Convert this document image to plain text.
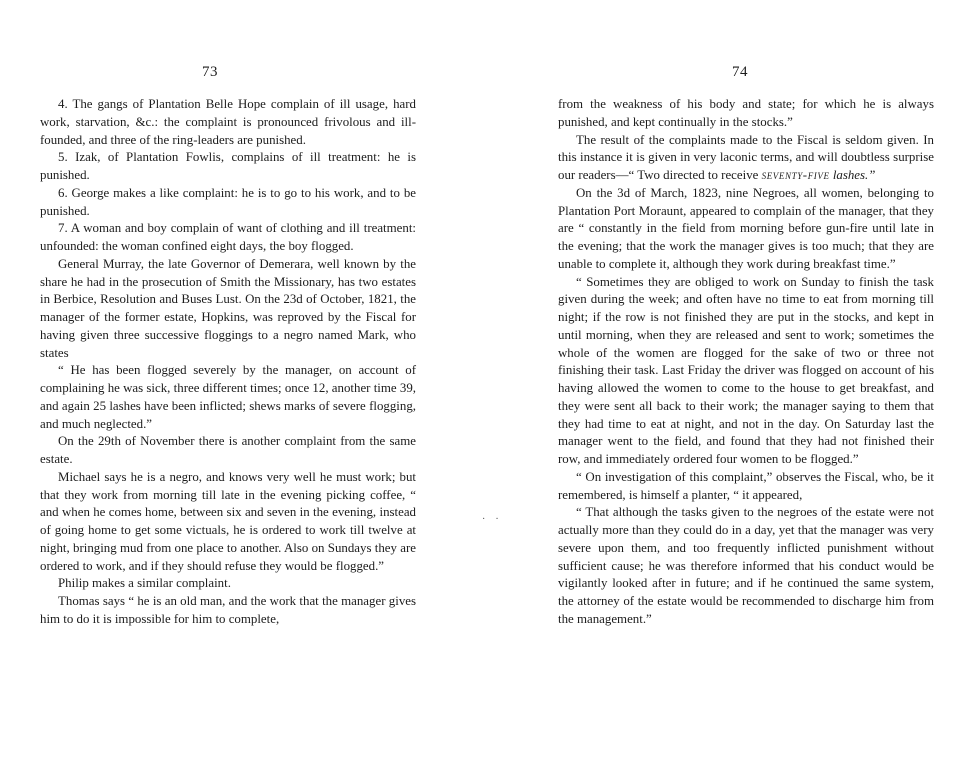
73

4. The gangs of Plantation Belle Hope complain of ill usage, hard work, starvation, &c.: the complaint is pronounced frivolous and ill-founded, and three of the ring-leaders are punished.

5. Izak, of Plantation Fowlis, complains of ill treatment: he is punished.

6. George makes a like complaint: he is to go to his work, and to be punished.

7. A woman and boy complain of want of clothing and ill treatment: unfounded: the woman confined eight days, the boy flogged.

General Murray, the late Governor of Demerara, well known by the share he had in the prosecution of Smith the Missionary, has two estates in Berbice, Resolution and Buses Lust. On the 23d of October, 1821, the manager of the former estate, Hopkins, was reproved by the Fiscal for having given three successive floggings to a negro named Mark, who states

“ He has been flogged severely by the manager, on account of complaining he was sick, three different times; once 12, another time 39, and again 25 lashes have been inflicted; shews marks of severe flogging, and much neglected.”

On the 29th of November there is another complaint from the same estate.

Michael says he is a negro, and knows very well he must work; but that they work from morning till late in the evening picking coffee, “ and when he comes home, between six and seven in the evening, instead of going home to get some victuals, he is ordered to work till twelve at night, bringing mud from one place to another. Also on Sundays they are ordered to work, and if they should refuse they would be flogged.”

Philip makes a similar complaint.

Thomas says “ he is an old man, and the work that the manager gives him to do it is impossible for him to complete,

··
74

from the weakness of his body and state; for which he is always punished, and kept continually in the stocks.”

The result of the complaints made to the Fiscal is seldom given. In this instance it is given in very laconic terms, and will doubtless surprise our readers—“ Two directed to receive seventy-five lashes.”

On the 3d of March, 1823, nine Negroes, all women, belonging to Plantation Port Moraunt, appeared to complain of the manager, that they are “ constantly in the field from morning before gun-fire until late in the evening; that the work the manager gives is too much; that they are unable to complete it, although they work during breakfast time.”

“ Sometimes they are obliged to work on Sunday to finish the task given during the week; and often have no time to eat from morning till night; if the row is not finished they are put in the stocks, and kept in until morning, when they are released and sent to work; sometimes the whole of the women are flogged for the sake of two or three not finishing their task. Last Friday the driver was flogged on account of his having allowed the women to come to the house to get breakfast, and they were sent all back to their work; the manager saying to them that they had time to eat at night, and not in the day. On Saturday last the manager went to the field, and found that they had not finished their row, and immediately ordered four women to be flogged.”

“ On investigation of this complaint,” observes the Fiscal, who, be it remembered, is himself a planter, “ it appeared,

“ That although the tasks given to the negroes of the estate were not actually more than they could do in a day, yet that the manager was very severe upon them, and too frequently inflicted punishment without sufficient cause; he was therefore informed that his conduct would be vigilantly looked after in future; and if he continued the same system, the attorney of the estate would be recommended to discharge him from the management.”
